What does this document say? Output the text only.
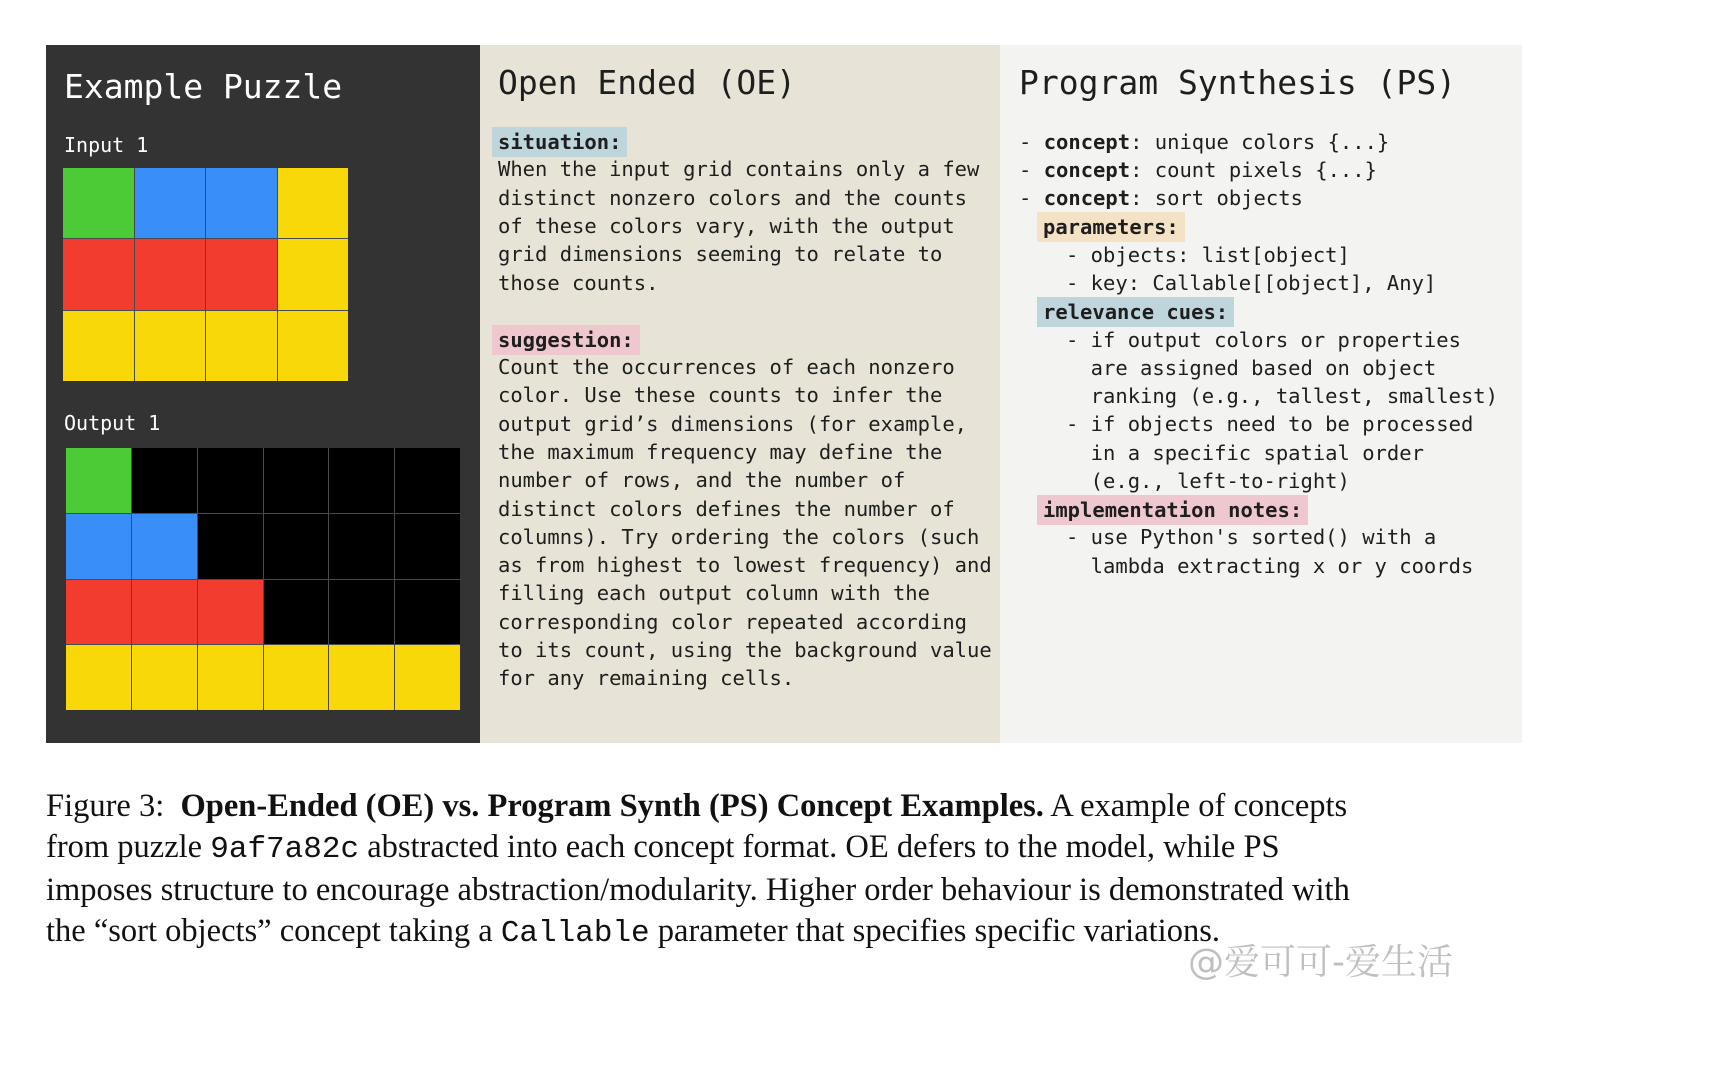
Example Puzzle
Input 1
Output 1
Open Ended (OE)
situation:
When the input grid contains only a few
distinct nonzero colors and the counts
of these colors vary, with the output
grid dimensions seeming to relate to
those counts.
suggestion:
Count the occurrences of each nonzero
color. Use these counts to infer the
output grid’s dimensions (for example,
the maximum frequency may define the
number of rows, and the number of
distinct colors defines the number of
columns). Try ordering the colors (such
as from highest to lowest frequency) and
filling each output column with the
corresponding color repeated according
to its count, using the background value
for any remaining cells.
Program Synthesis (PS)
- concept: unique colors {...}
- concept: count pixels {...}
- concept: sort objects
parameters:
- objects: list[object]
- key: Callable[[object], Any]
relevance cues:
- if output colors or properties
are assigned based on object
ranking (e.g., tallest, smallest)
- if objects need to be processed
in a specific spatial order
(e.g., left-to-right)
implementation notes:
- use Python's sorted() with a
lambda extracting x or y coords
Figure 3: Open-Ended (OE) vs. Program Synth (PS) Concept Examples. A example of concepts
from puzzle 9af7a82c abstracted into each concept format. OE defers to the model, while PS
imposes structure to encourage abstraction/modularity. Higher order behaviour is demonstrated with
the “sort objects” concept taking a Callable parameter that specifies specific variations.
@爱可可-爱生活
